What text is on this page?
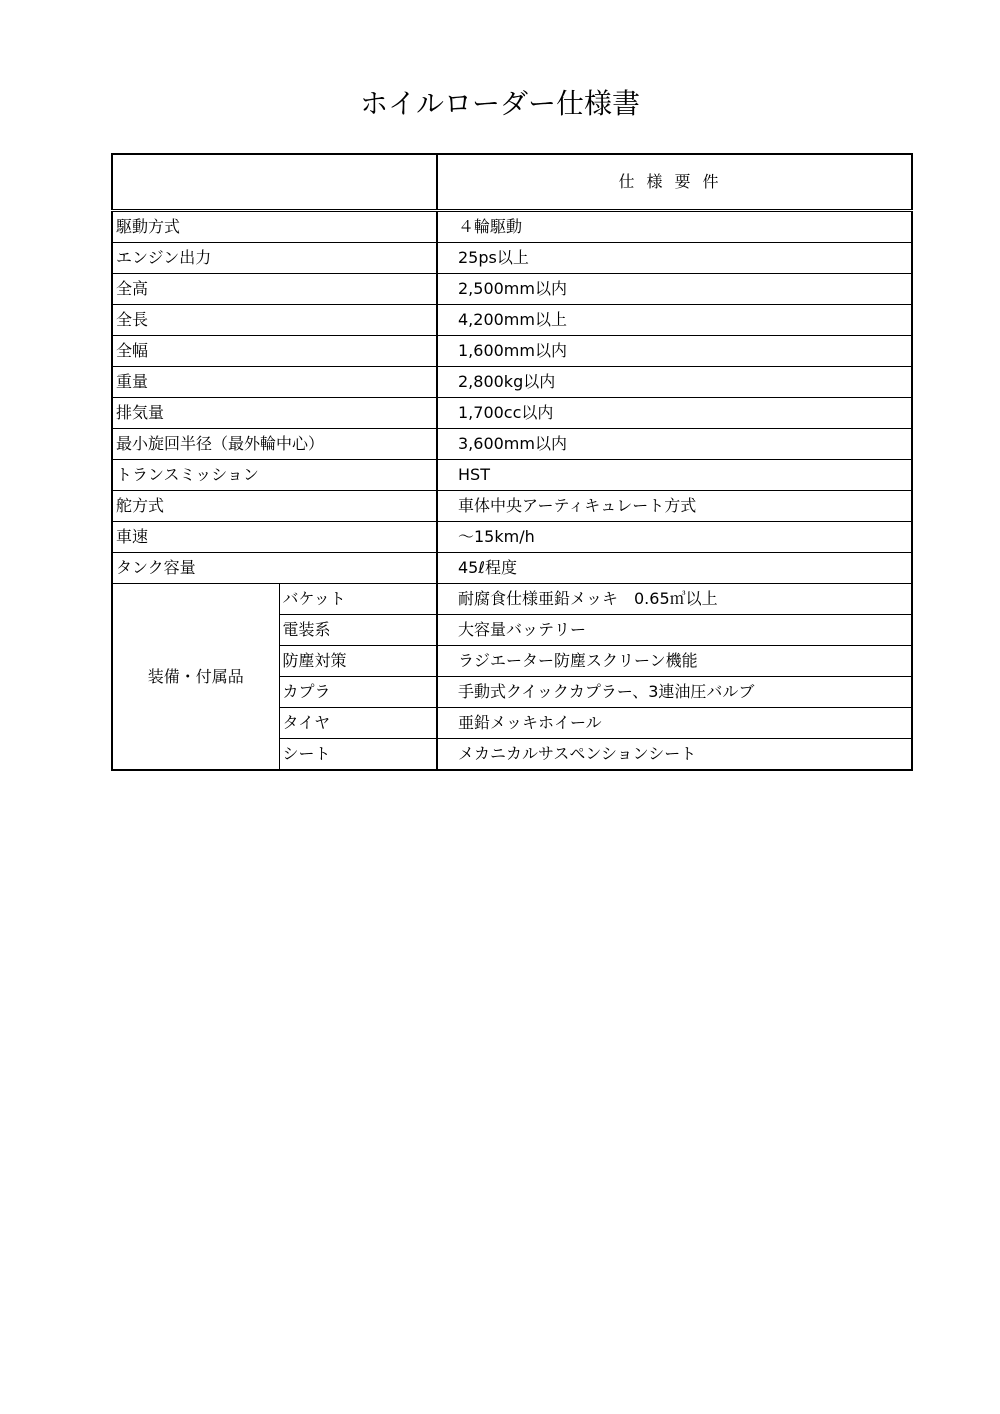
ホイルローダー仕様書
		仕様要件
駆動方式		４輪駆動
エンジン出力		25ps以上
全高		2,500mm以内
全長		4,200mm以上
全幅		1,600mm以内
重量		2,800kg以内
排気量		1,700cc以内
最小旋回半径（最外輪中心）		3,600mm以内
トランスミッション		HST
舵方式		車体中央アーティキュレート方式
車速		～15km/h
タンク容量		45ℓ程度
装備・付属品	バケット	耐腐食仕様亜鉛メッキ　0.65㎥以上
	電装系	大容量バッテリー
	防塵対策	ラジエーター防塵スクリーン機能
	カプラ	手動式クイックカプラー、3連油圧バルブ
	タイヤ	亜鉛メッキホイール
	シート	メカニカルサスペンションシート
